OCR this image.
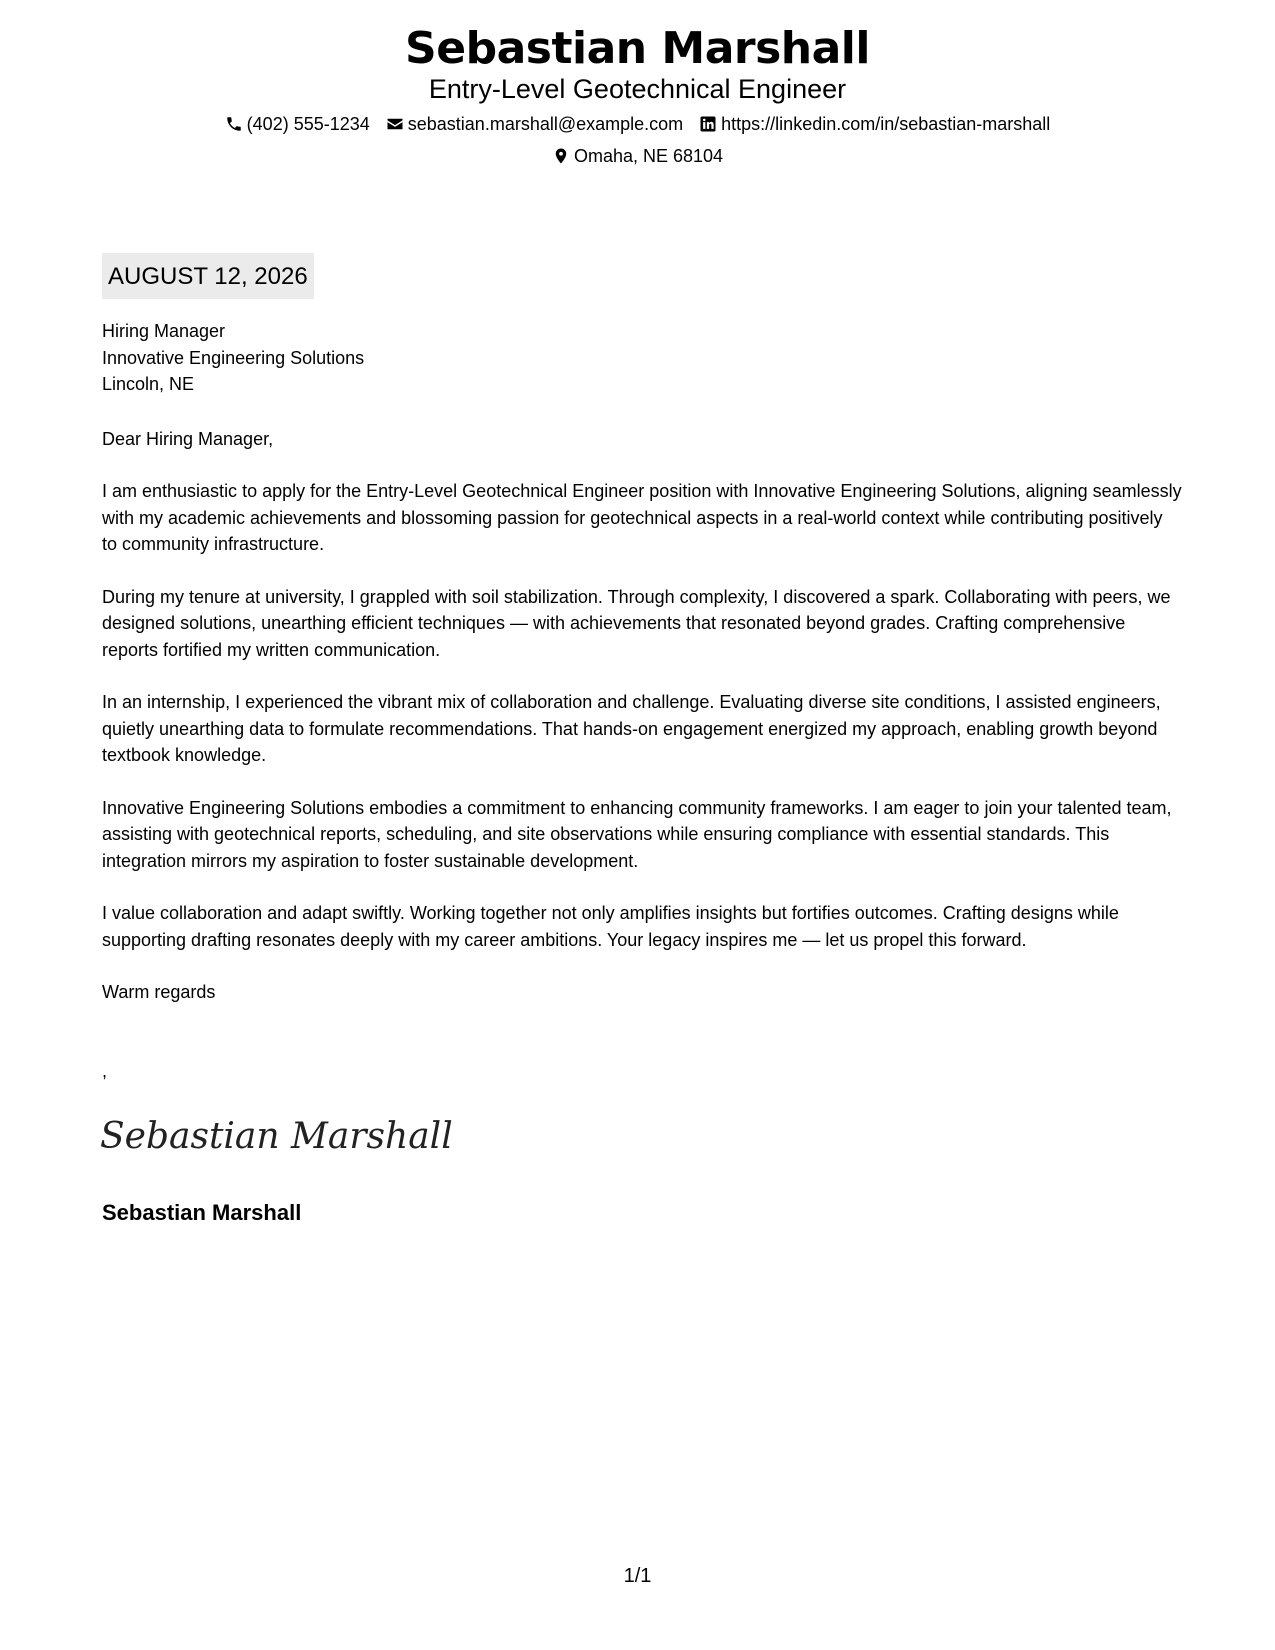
Sebastian Marshall
Entry-Level Geotechnical Engineer
(402) 555-1234 sebastian.marshall@example.com https://linkedin.com/in/sebastian-marshall
Omaha, NE 68104
AUGUST 12, 2026
Hiring Manager
Innovative Engineering Solutions
Lincoln, NE
Dear Hiring Manager,
I am enthusiastic to apply for the Entry-Level Geotechnical Engineer position with Innovative Engineering Solutions, aligning seamlessly with my academic achievements and blossoming passion for geotechnical aspects in a real-world context while contributing positively to community infrastructure.
During my tenure at university, I grappled with soil stabilization. Through complexity, I discovered a spark. Collaborating with peers, we designed solutions, unearthing efficient techniques — with achievements that resonated beyond grades. Crafting comprehensive reports fortified my written communication.
In an internship, I experienced the vibrant mix of collaboration and challenge. Evaluating diverse site conditions, I assisted engineers, quietly unearthing data to formulate recommendations. That hands-on engagement energized my approach, enabling growth beyond textbook knowledge.
Innovative Engineering Solutions embodies a commitment to enhancing community frameworks. I am eager to join your talented team, assisting with geotechnical reports, scheduling, and site observations while ensuring compliance with essential standards. This integration mirrors my aspiration to foster sustainable development.
I value collaboration and adapt swiftly. Working together not only amplifies insights but fortifies outcomes. Crafting designs while supporting drafting resonates deeply with my career ambitions. Your legacy inspires me — let us propel this forward.
Warm regards
,
Sebastian Marshall
Sebastian Marshall
1/1
